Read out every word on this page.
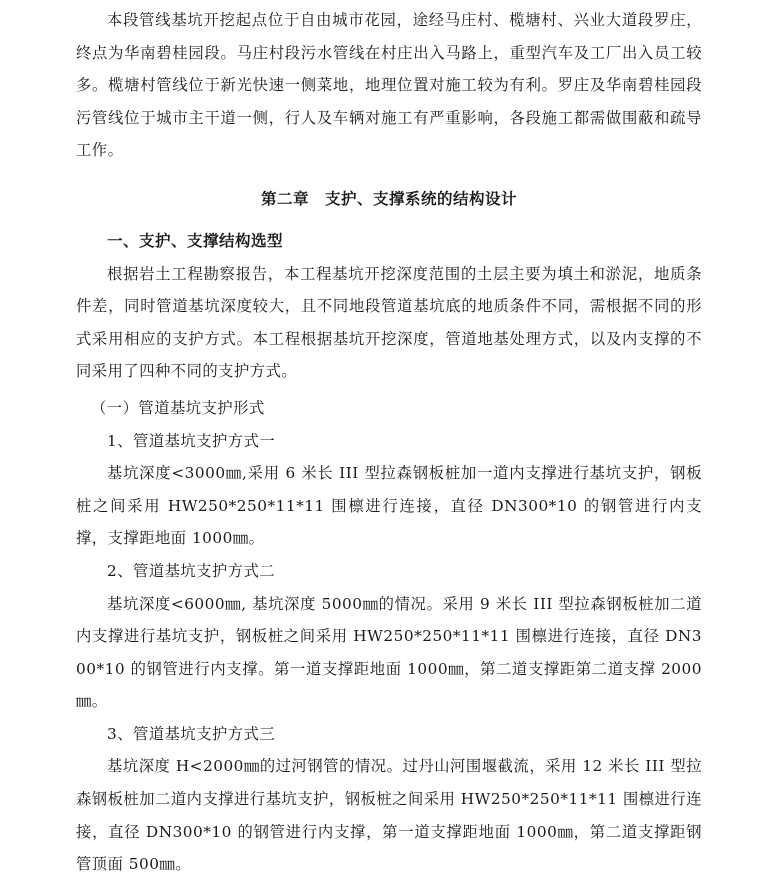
本段管线基坑开挖起点位于自由城市花园，途经马庄村、榄塘村、兴业大道段罗庄，终点为华南碧桂园段。马庄村段污水管线在村庄出入马路上，重型汽车及工厂出入员工较多。榄塘村管线位于新光快速一侧菜地，地理位置对施工较为有利。罗庄及华南碧桂园段污管线位于城市主干道一侧，行人及车辆对施工有严重影响，各段施工都需做围蔽和疏导工作。

第二章 支护、支撑系统的结构设计

一、支护、支撑结构选型

根据岩土工程勘察报告，本工程基坑开挖深度范围的土层主要为填土和淤泥，地质条件差，同时管道基坑深度较大，且不同地段管道基坑底的地质条件不同，需根据不同的形式采用相应的支护方式。本工程根据基坑开挖深度，管道地基处理方式，以及内支撑的不同采用了四种不同的支护方式。

（一）管道基坑支护形式

1、管道基坑支护方式一

基坑深度<3000㎜,采用 6 米长 III 型拉森钢板桩加一道内支撑进行基坑支护，钢板桩之间采用 HW250*250*11*11 围檩进行连接，直径 DN300*10 的钢管进行内支撑，支撑距地面 1000㎜。

2、管道基坑支护方式二

基坑深度<6000㎜, 基坑深度 5000㎜的情况。采用 9 米长 III 型拉森钢板桩加二道内支撑进行基坑支护，钢板桩之间采用 HW250*250*11*11 围檩进行连接，直径 DN300*10 的钢管进行内支撑。第一道支撑距地面 1000㎜，第二道支撑距第二道支撑 2000㎜。

3、管道基坑支护方式三

基坑深度 H<2000㎜的过河钢管的情况。过丹山河围堰截流，采用 12 米长 III 型拉森钢板桩加二道内支撑进行基坑支护，钢板桩之间采用 HW250*250*11*11 围檩进行连接，直径 DN300*10 的钢管进行内支撑，第一道支撑距地面 1000㎜，第二道支撑距钢管顶面 500㎜。
